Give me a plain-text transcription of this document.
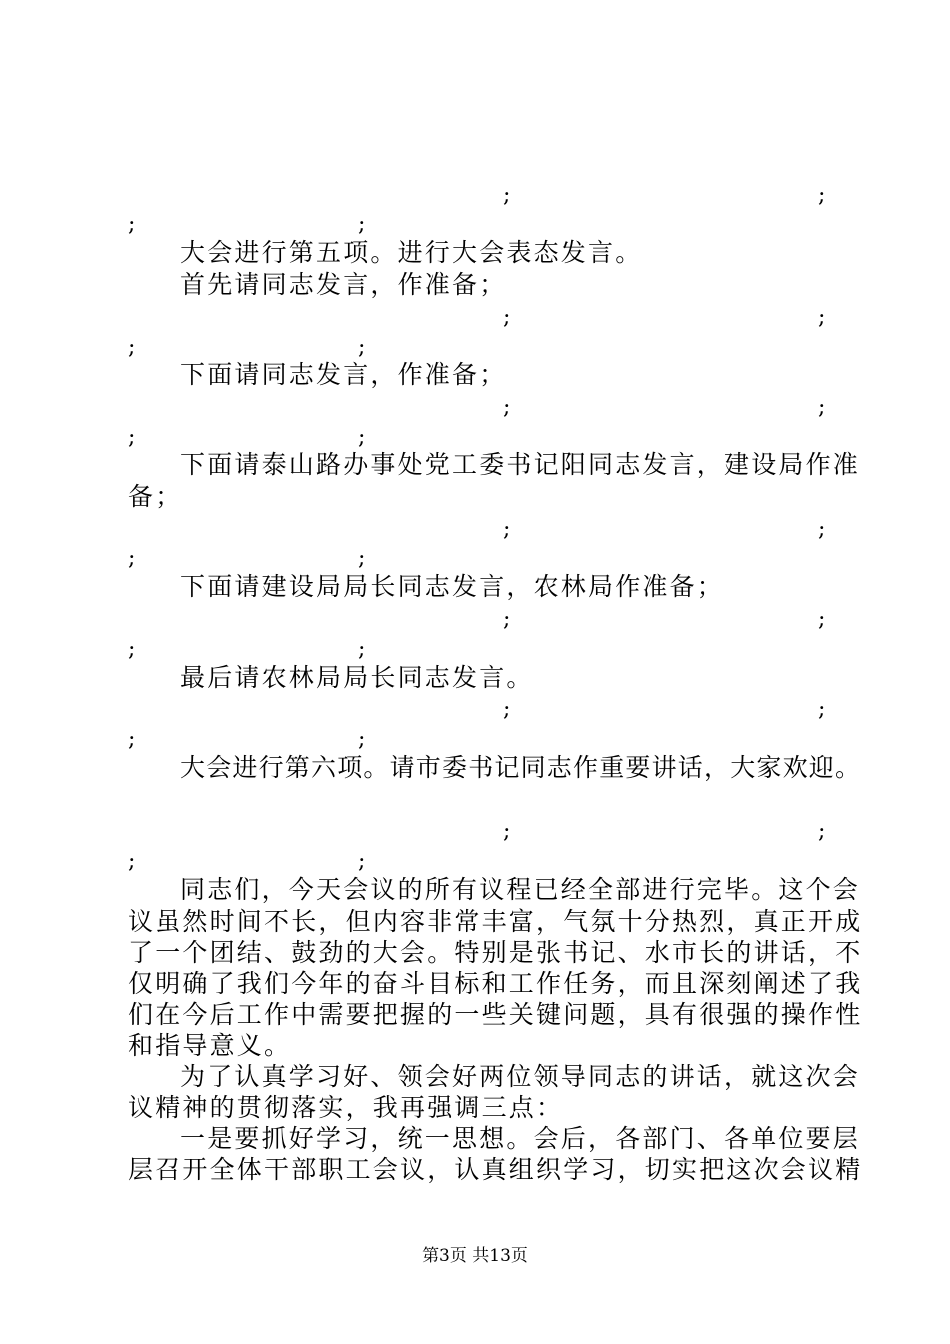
;	;
;	;
大会进行第五项。进行大会表态发言。
首先请同志发言，作准备；
;	;
;	;
下面请同志发言，作准备；
;	;
;	;
下面请泰山路办事处党工委书记阳同志发言，建设局作准
备；
;	;
;	;
下面请建设局局长同志发言，农林局作准备；
;	;
;	;
最后请农林局局长同志发言。
;	;
;	;
大会进行第六项。请市委书记同志作重要讲话，大家欢迎。
;	;
;	;
同志们，今天会议的所有议程已经全部进行完毕。这个会
议虽然时间不长，但内容非常丰富，气氛十分热烈，真正开成
了一个团结、鼓劲的大会。特别是张书记、水市长的讲话，不
仅明确了我们今年的奋斗目标和工作任务，而且深刻阐述了我
们在今后工作中需要把握的一些关键问题，具有很强的操作性
和指导意义。
为了认真学习好、领会好两位领导同志的讲话，就这次会
议精神的贯彻落实，我再强调三点：
一是要抓好学习，统一思想。会后，各部门、各单位要层
层召开全体干部职工会议，认真组织学习，切实把这次会议精
第3页 共13页
